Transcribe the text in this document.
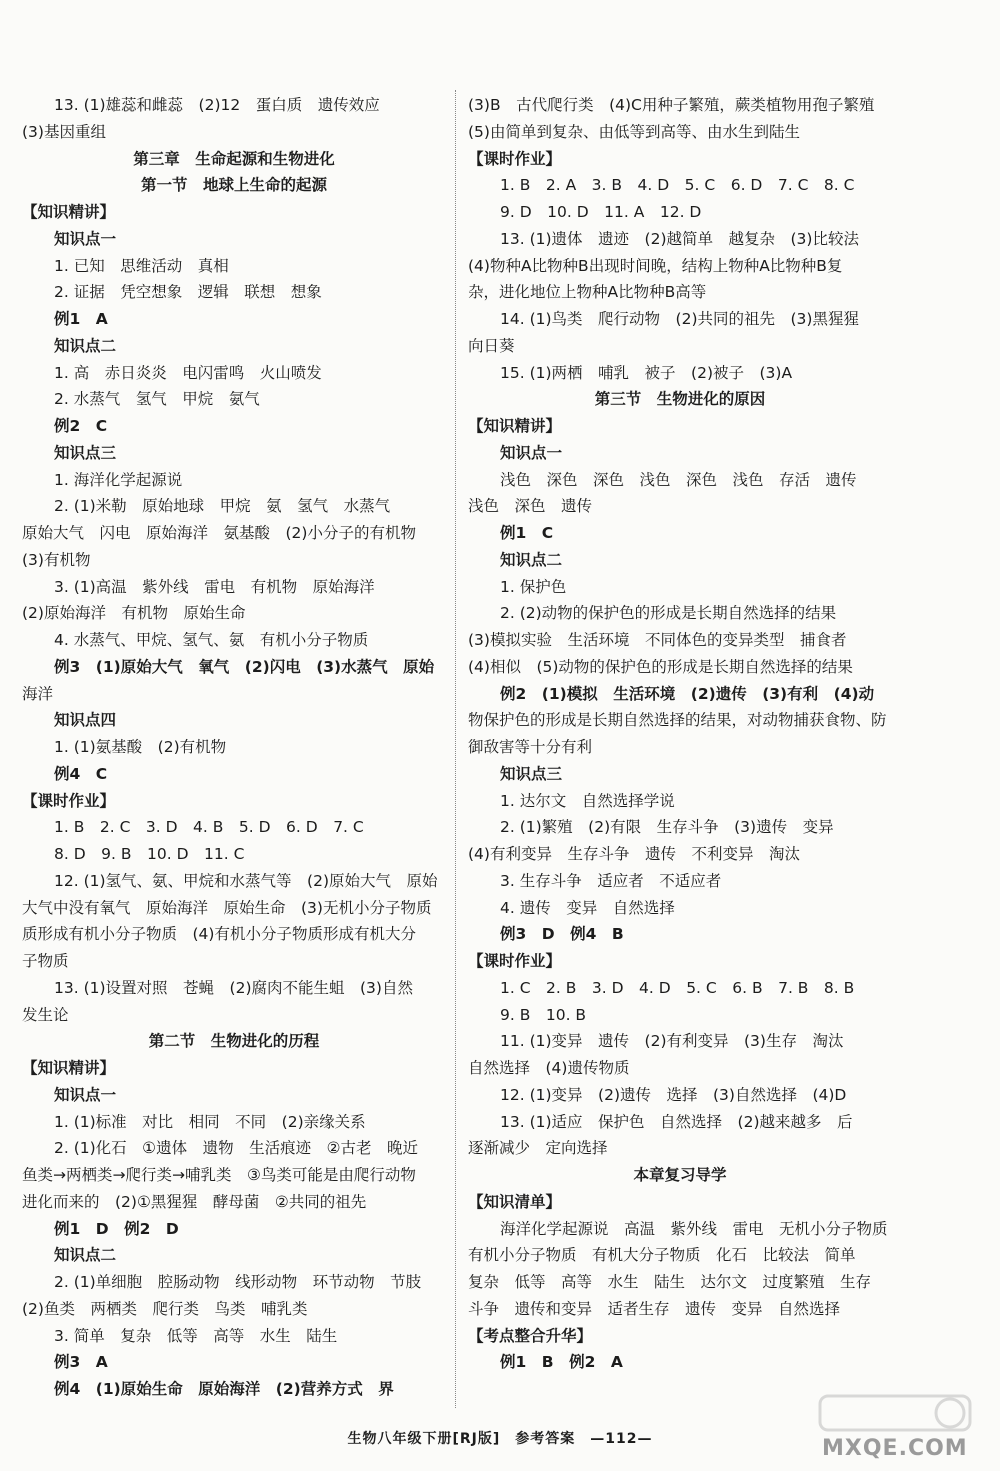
13. (1)雄蕊和雌蕊　(2)12　蛋白质　遗传效应
(3)基因重组
第三章　生命起源和生物进化
第一节　地球上生命的起源
【知识精讲】
知识点一
1. 已知　思维活动　真相
2. 证据　凭空想象　逻辑　联想　想象
例1　A
知识点二
1. 高　赤日炎炎　电闪雷鸣　火山喷发
2. 水蒸气　氢气　甲烷　氨气
例2　C
知识点三
1. 海洋化学起源说
2. (1)米勒　原始地球　甲烷　氨　氢气　水蒸气
原始大气　闪电　原始海洋　氨基酸　(2)小分子的有机物
(3)有机物
3. (1)高温　紫外线　雷电　有机物　原始海洋
(2)原始海洋　有机物　原始生命
4. 水蒸气、甲烷、氢气、氨　有机小分子物质
例3　(1)原始大气　氧气　(2)闪电　(3)水蒸气　原始
海洋
知识点四
1. (1)氨基酸　(2)有机物
例4　C
【课时作业】
1. B　2. C　3. D　4. B　5. D　6. D　7. C
8. D　9. B　10. D　11. C
12. (1)氢气、氨、甲烷和水蒸气等　(2)原始大气　原始
大气中没有氧气　原始海洋　原始生命　(3)无机小分子物质
质形成有机小分子物质　(4)有机小分子物质形成有机大分
子物质
13. (1)设置对照　苍蝇　(2)腐肉不能生蛆　(3)自然
发生论
第二节　生物进化的历程
【知识精讲】
知识点一
1. (1)标准　对比　相同　不同　(2)亲缘关系
2. (1)化石　①遗体　遗物　生活痕迹　②古老　晚近
鱼类→两栖类→爬行类→哺乳类　③鸟类可能是由爬行动物
进化而来的　(2)①黑猩猩　酵母菌　②共同的祖先
例1　D　例2　D
知识点二
2. (1)单细胞　腔肠动物　线形动物　环节动物　节肢
(2)鱼类　两栖类　爬行类　鸟类　哺乳类
3. 简单　复杂　低等　高等　水生　陆生
例3　A
例4　(1)原始生命　原始海洋　(2)营养方式　界
(3)B　古代爬行类　(4)C用种子繁殖，蕨类植物用孢子繁殖
(5)由简单到复杂、由低等到高等、由水生到陆生
【课时作业】
1. B　2. A　3. B　4. D　5. C　6. D　7. C　8. C
9. D　10. D　11. A　12. D
13. (1)遗体　遗迹　(2)越简单　越复杂　(3)比较法
(4)物种A比物种B出现时间晚，结构上物种A比物种B复
杂，进化地位上物种A比物种B高等
14. (1)鸟类　爬行动物　(2)共同的祖先　(3)黑猩猩
向日葵
15. (1)两栖　哺乳　被子　(2)被子　(3)A
第三节　生物进化的原因
【知识精讲】
知识点一
浅色　深色　深色　浅色　深色　浅色　存活　遗传
浅色　深色　遗传
例1　C
知识点二
1. 保护色
2. (2)动物的保护色的形成是长期自然选择的结果
(3)模拟实验　生活环境　不同体色的变异类型　捕食者
(4)相似　(5)动物的保护色的形成是长期自然选择的结果
例2　(1)模拟　生活环境　(2)遗传　(3)有利　(4)动
物保护色的形成是长期自然选择的结果，对动物捕获食物、防
御敌害等十分有利
知识点三
1. 达尔文　自然选择学说
2. (1)繁殖　(2)有限　生存斗争　(3)遗传　变异
(4)有利变异　生存斗争　遗传　不利变异　淘汰
3. 生存斗争　适应者　不适应者
4. 遗传　变异　自然选择
例3　D　例4　B
【课时作业】
1. C　2. B　3. D　4. D　5. C　6. B　7. B　8. B
9. B　10. B
11. (1)变异　遗传　(2)有利变异　(3)生存　淘汰
自然选择　(4)遗传物质
12. (1)变异　(2)遗传　选择　(3)自然选择　(4)D
13. (1)适应　保护色　自然选择　(2)越来越多　后
逐渐减少　定向选择
本章复习导学
【知识清单】
海洋化学起源说　高温　紫外线　雷电　无机小分子物质
有机小分子物质　有机大分子物质　化石　比较法　简单
复杂　低等　高等　水生　陆生　达尔文　过度繁殖　生存
斗争　遗传和变异　适者生存　遗传　变异　自然选择
【考点整合升华】
例1　B　例2　A
生物八年级下册[RJ版]　参考答案　—112—	MXQE.COM
